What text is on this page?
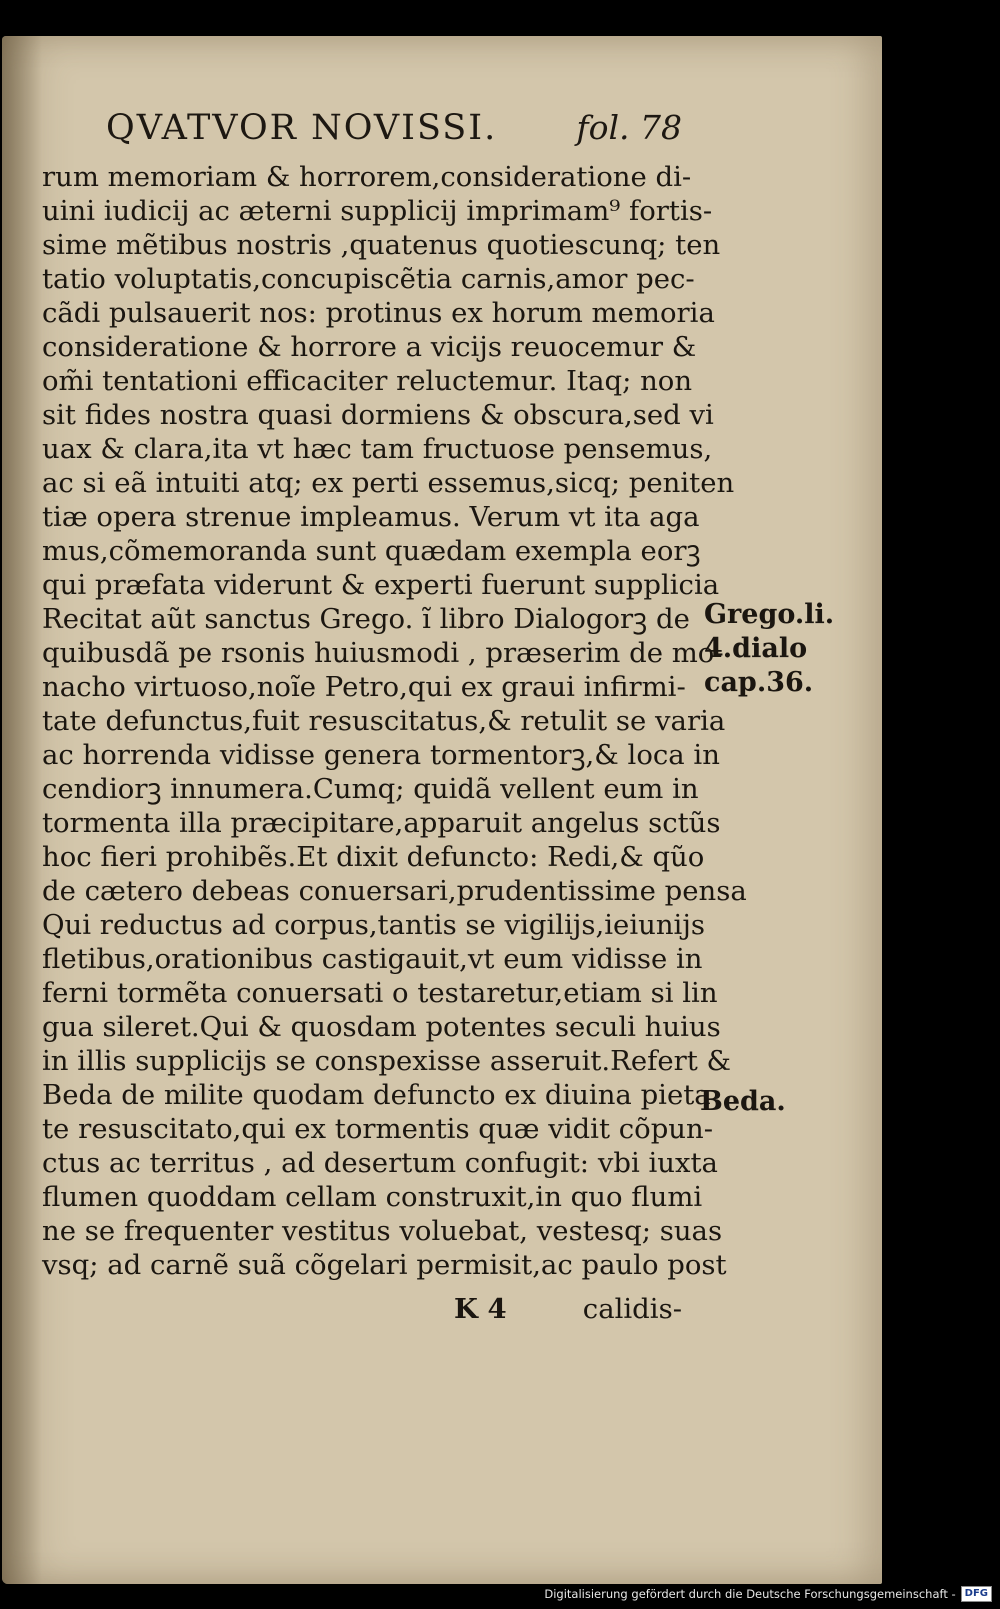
QVATVOR NOVISSI. fol. 78
rum memoriam & horrorem,consideratione di-
uini iudicij ac æterni supplicij imprimam⁹ fortis-
sime mẽtibus nostris ,quatenus quotiescunq; ten
tatio voluptatis,concupiscẽtia carnis,amor pec-
cãdi pulsauerit nos: protinus ex horum memoria
consideratione & horrore a vicijs reuocemur &
om̃i tentationi efficaciter reluctemur. Itaq; non
sit fides nostra quasi dormiens & obscura,sed vi
uax & clara,ita vt hæc tam fructuose pensemus,
ac si eã intuiti atq; ex perti essemus,sicq; peniten
tiæ opera strenue impleamus. Verum vt ita aga
mus,cõmemoranda sunt quædam exempla eorꝫ
qui præfata viderunt & experti fuerunt supplicia
Recitat aũt sanctus Grego. ĩ libro Dialogorꝫ de
quibusdã pe rsonis huiusmodi , præserim de mo-
nacho virtuoso,noĩe Petro,qui ex graui infirmi-
tate defunctus,fuit resuscitatus,& retulit se varia
ac horrenda vidisse genera tormentorꝫ,& loca in
cendiorꝫ innumera.Cumq; quidã vellent eum in
tormenta illa præcipitare,apparuit angelus sctũs
hoc fieri prohibẽs.Et dixit defuncto: Redi,& qũo
de cætero debeas conuersari,prudentissime pensa
Qui reductus ad corpus,tantis se vigilijs,ieiunijs
fletibus,orationibus castigauit,vt eum vidisse in
ferni tormẽta conuersati o testaretur,etiam si lin
gua sileret.Qui & quosdam potentes seculi huius
in illis supplicijs se conspexisse asseruit.Refert &
Beda de milite quodam defuncto ex diuina pieta
te resuscitato,qui ex tormentis quæ vidit cõpun-
ctus ac territus , ad desertum confugit: vbi iuxta
flumen quoddam cellam construxit,in quo flumi
ne se frequenter vestitus voluebat, vestesq; suas
vsq; ad carnẽ suã cõgelari permisit,ac paulo post
Grego.li.
4.dialo
cap.36.
Beda.
K 4	calidis-
Digitalisierung gefördert durch die Deutsche Forschungsgemeinschaft - DFG
